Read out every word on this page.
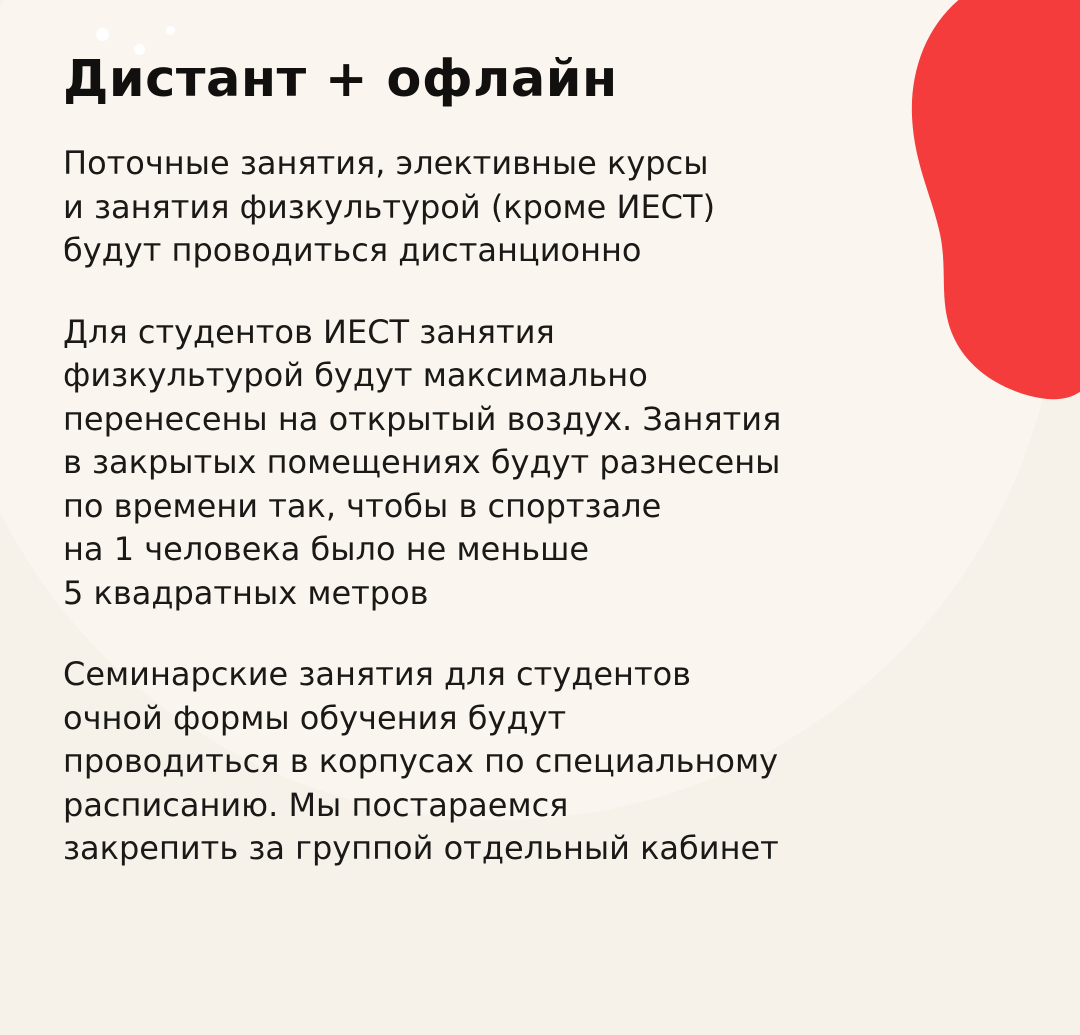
Дистант + офлайн

Поточные занятия, элективные курсы
и занятия физкультурой (кроме ИЕСТ)
будут проводиться дистанционно

Для студентов ИЕСТ занятия
физкультурой будут максимально
перенесены на открытый воздух. Занятия
в закрытых помещениях будут разнесены
по времени так, чтобы в спортзале
на 1 человека было не меньше
5 квадратных метров

Семинарские занятия для студентов
очной формы обучения будут
проводиться в корпусах по специальному
расписанию. Мы постараемся
закрепить за группой отдельный кабинет
